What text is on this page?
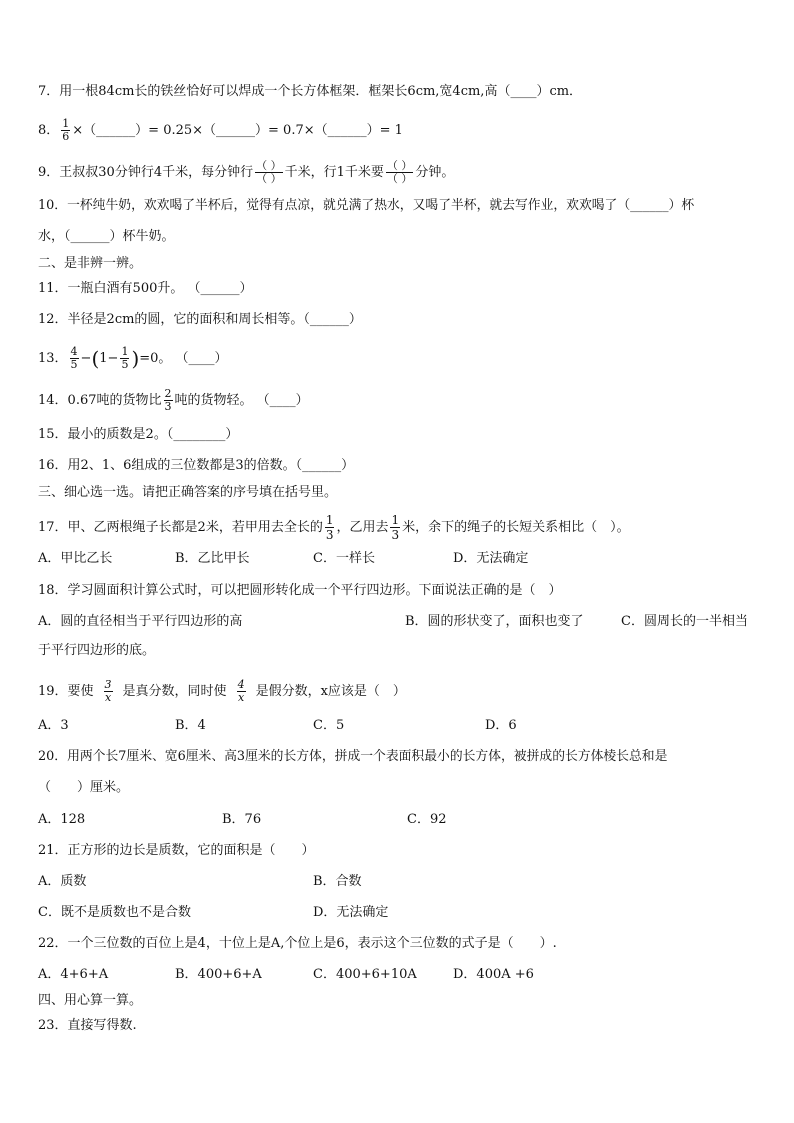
7．用一根84cm长的铁丝恰好可以焊成一个长方体框架．框架长6cm,宽4cm,高（____）cm．
8． $\frac{1}{6}$ ×（______）= 0.25×（______）= 0.7×（______）= 1
9．王叔叔30分钟行4千米，每分钟行 $\frac{( )}{( )}$ 千米，行1千米要 $\frac{( )}{( )}$ 分钟。
10．一杯纯牛奶，欢欢喝了半杯后，觉得有点凉，就兑满了热水，又喝了半杯，就去写作业，欢欢喝了（______）杯
水，（______）杯牛奶。
二、是非辨一辨。
11．一瓶白酒有500升。 （______）
12．半径是2cm的圆，它的面积和周长相等。（______）
13． $\frac{4}{5} -(1- \frac{1}{5} )=0$。 （____）
14．0.67吨的货物比 $\frac{2}{3}$ 吨的货物轻。 （____）
15．最小的质数是2。（________）
16．用2、1、6组成的三位数都是3的倍数。（______）
三、细心选一选。请把正确答案的序号填在括号里。
17．甲、乙两根绳子长都是2米，若甲用去全长的 $\frac{1}{3}$ ，乙用去 $\frac{1}{3}$ 米，余下的绳子的长短关系相比（　）。
A．甲比乙长	B．乙比甲长	C．一样长	D．无法确定
18．学习圆面积计算公式时，可以把圆形转化成一个平行四边形。下面说法正确的是（　）
A．圆的直径相当于平行四边形的高	B．圆的形状变了，面积也变了	C．圆周长的一半相当
于平行四边形的底。
19．要使 $\frac{3}{x}$ 是真分数，同时使 $\frac{4}{x}$ 是假分数，x应该是（　）
A．3	B．4	C．5	D．6
20．用两个长7厘米、宽6厘米、高3厘米的长方体，拼成一个表面积最小的长方体，被拼成的长方体棱长总和是
（　　）厘米。
A．128	B．76	C．92
21．正方形的边长是质数，它的面积是（　　）
A．质数	B．合数
C．既不是质数也不是合数	D．无法确定
22．一个三位数的百位上是4，十位上是A,个位上是6，表示这个三位数的式子是（　　）.
A．4+6+A	B．400+6+A	C．400+6+10A	D．400A +6
四、用心算一算。
23．直接写得数.
